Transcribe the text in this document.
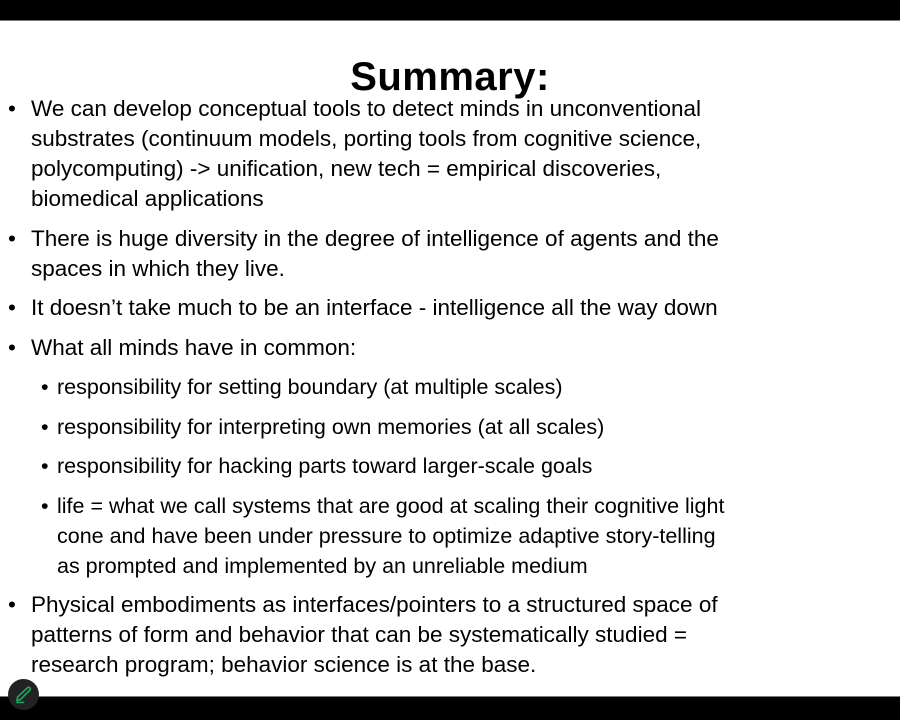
Summary:
• We can develop conceptual tools to detect minds in unconventional
substrates (continuum models, porting tools from cognitive science,
polycomputing) -> unification, new tech = empirical discoveries,
biomedical applications
• There is huge diversity in the degree of intelligence of agents and the
spaces in which they live.
• It doesn’t take much to be an interface - intelligence all the way down
• What all minds have in common:
• responsibility for setting boundary (at multiple scales)
• responsibility for interpreting own memories (at all scales)
• responsibility for hacking parts toward larger-scale goals
• life = what we call systems that are good at scaling their cognitive light
cone and have been under pressure to optimize adaptive story-telling
as prompted and implemented by an unreliable medium
• Physical embodiments as interfaces/pointers to a structured space of
patterns of form and behavior that can be systematically studied =
research program; behavior science is at the base.
